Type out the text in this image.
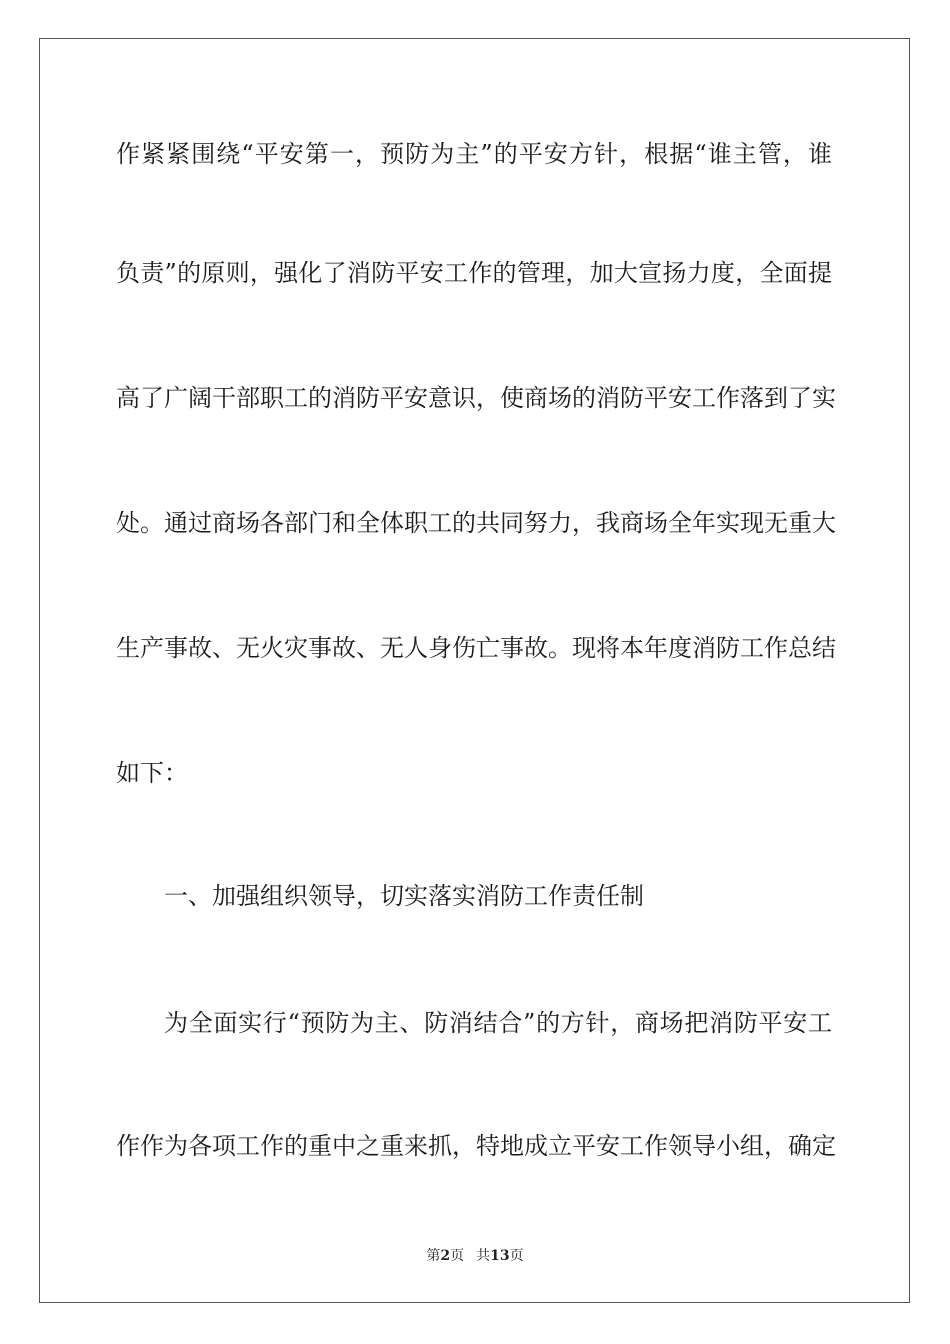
作紧紧围绕“平安第一，预防为主”的平安方针，根据“谁主管，谁
负责”的原则，强化了消防平安工作的管理，加大宣扬力度，全面提
高了广阔干部职工的消防平安意识，使商场的消防平安工作落到了实
处。通过商场各部门和全体职工的共同努力，我商场全年实现无重大
生产事故、无火灾事故、无人身伤亡事故。现将本年度消防工作总结
如下：
一、加强组织领导，切实落实消防工作责任制
为全面实行“预防为主、防消结合”的方针，商场把消防平安工
作作为各项工作的重中之重来抓，特地成立平安工作领导小组，确定
第2页 共13页
